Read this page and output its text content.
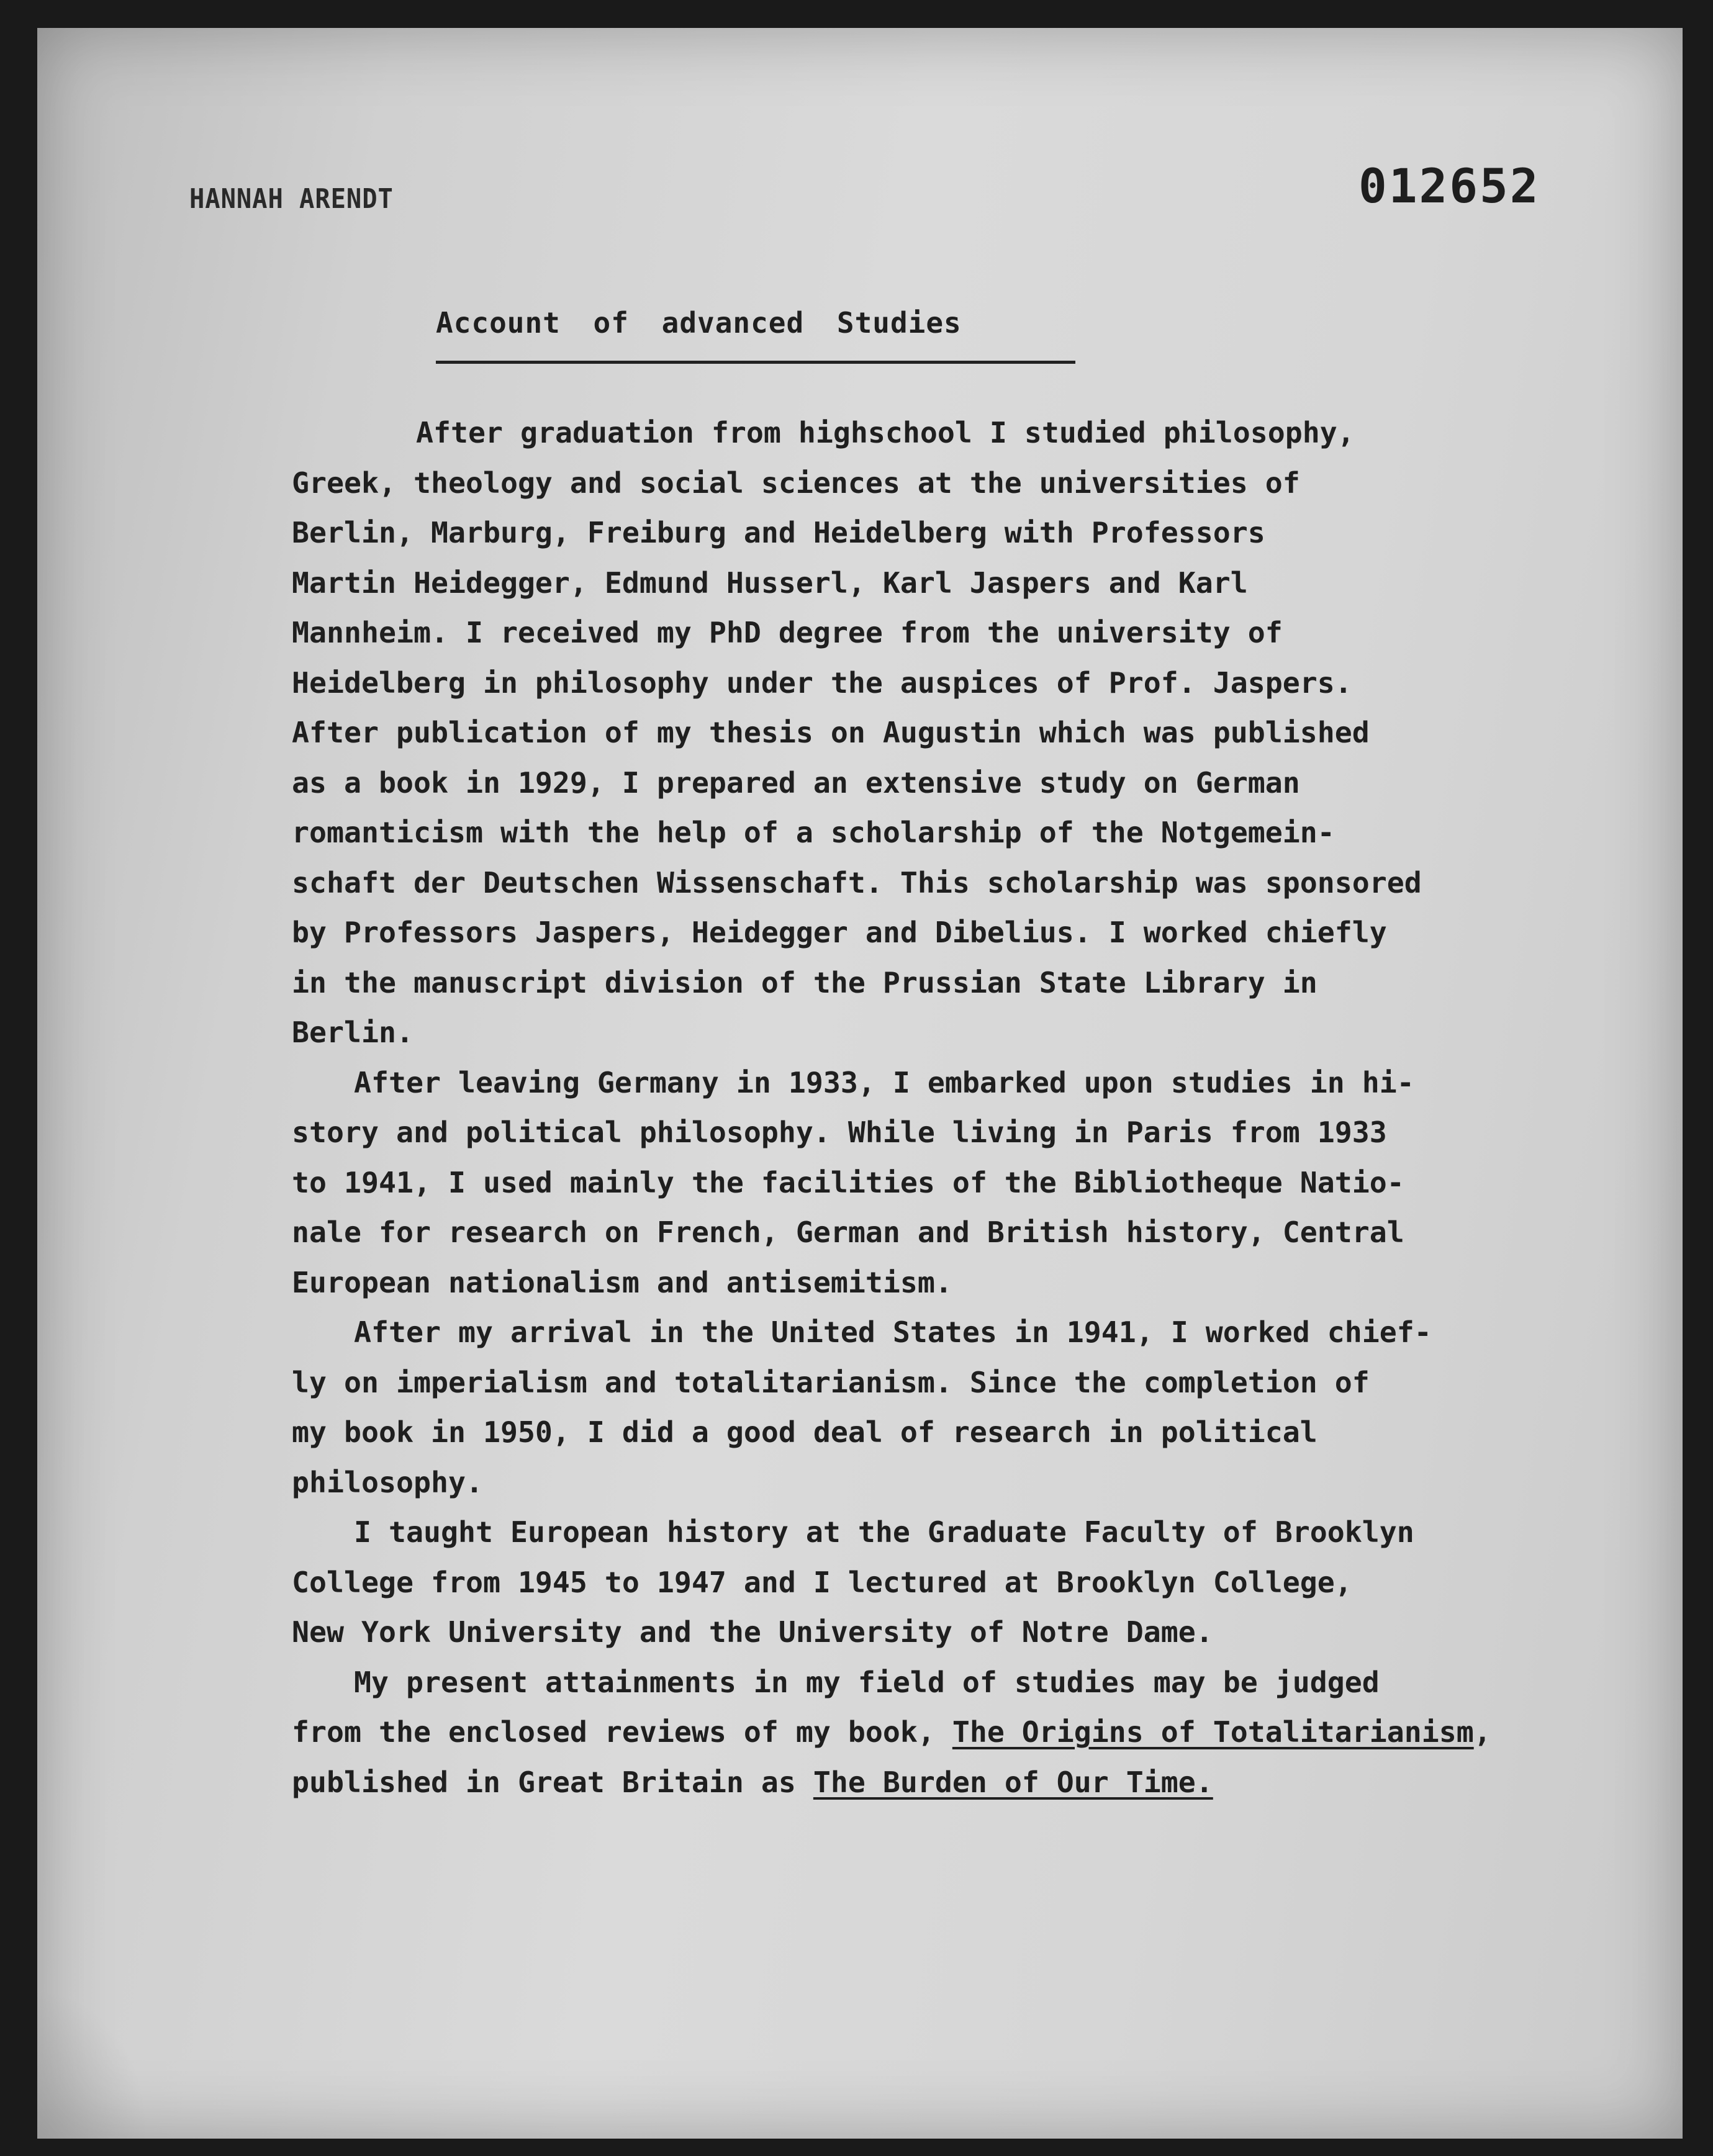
HANNAH ARENDT	012652
Account of advanced Studies
After graduation from highschool I studied philosophy,
Greek, theology and social sciences at the universities of
Berlin, Marburg, Freiburg and Heidelberg with Professors
Martin Heidegger, Edmund Husserl, Karl Jaspers and Karl
Mannheim. I received my PhD degree from the university of
Heidelberg in philosophy under the auspices of Prof. Jaspers.
After publication of my thesis on Augustin which was published
as a book in 1929, I prepared an extensive study on German
romanticism with the help of a scholarship of the Notgemein-
schaft der Deutschen Wissenschaft. This scholarship was sponsored
by Professors Jaspers, Heidegger and Dibelius. I worked chiefly
in the manuscript division of the Prussian State Library in
Berlin.
After leaving Germany in 1933, I embarked upon studies in hi-
story and political philosophy. While living in Paris from 1933
to 1941, I used mainly the facilities of the Bibliotheque Natio-
nale for research on French, German and British history, Central
European nationalism and antisemitism.
After my arrival in the United States in 1941, I worked chief-
ly on imperialism and totalitarianism. Since the completion of
my book in 1950, I did a good deal of research in political
philosophy.
I taught European history at the Graduate Faculty of Brooklyn
College from 1945 to 1947 and I lectured at Brooklyn College,
New York University and the University of Notre Dame.
My present attainments in my field of studies may be judged
from the enclosed reviews of my book, The Origins of Totalitarianism,
published in Great Britain as The Burden of Our Time.
